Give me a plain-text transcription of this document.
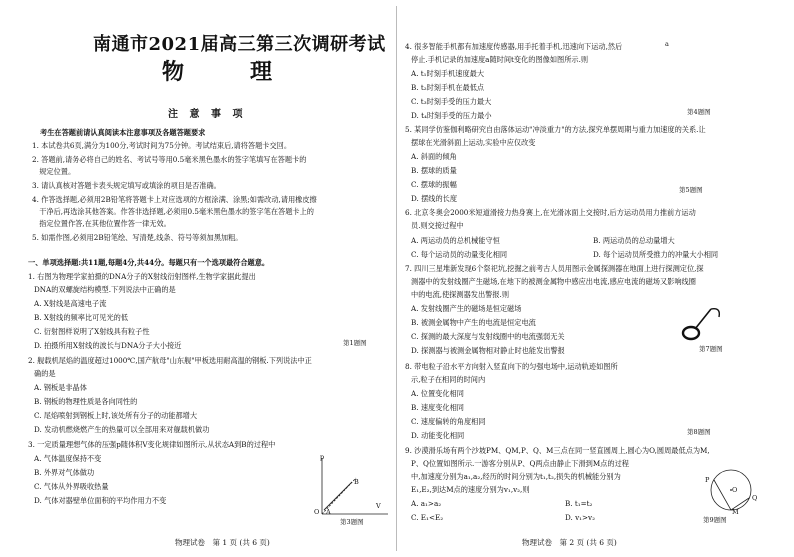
南通市2021届高三第三次调研考试
物　理
注 意 事 项
考生在答题前请认真阅读本注意事项及各题答题要求
1. 本试卷共6页,满分为100分,考试时间为75分钟。考试结束后,请将答题卡交回。
2. 答题前,请务必将自己的姓名、考试号等用0.5毫米黑色墨水的签字笔填写在答题卡的
　规定位置。
3. 请认真核对答题卡表头规定填写或填涂的项目是否准确。
4. 作答选择题,必须用2B铅笔将答题卡上对应选项的方框涂满、涂黑;如需改动,请用橡皮擦
　干净后,再选涂其他答案。作答非选择题,必须用0.5毫米黑色墨水的签字笔在答题卡上的
　指定位置作答,在其他位置作答一律无效。
5. 如需作图,必须用2B铅笔绘、写清楚,线条、符号等须加黑加粗。
一、单项选择题:共11题,每题4分,共44分。每题只有一个选项最符合题意。
1. 右图为物理学家拍摄的DNA分子的X射线衍射图样,生物学家据此提出
DNA的双螺旋结构模型.下列说法中正确的是
A. X射线是高速电子流
B. X射线的频率比可见光的低
C. 衍射图样说明了X射线具有粒子性
D. 拍摄所用X射线的波长与DNA分子大小接近	第1题图
2. 舰载机尾焰的温度超过1000℃,国产航母"山东舰"甲板选用耐高温的钢板.下列说法中正
确的是
A. 钢板是非晶体
B. 钢板的物理性质是各向同性的
C. 尾焰喷射到钢板上时,该处所有分子的动能都增大
D. 发动机燃烧燃产生的热量可以全部用来对舰载机做功
3. 一定质量理想气体的压强p随体积V变化规律如图所示,从状态A到B的过程中
A. 气体温度保持不变
B. 外界对气体做功
C. 气体从外界吸收热量
D. 气体对器壁单位面积的平均作用力不变
p
V
O A
B
第3题图
物理试卷　第 1 页 (共 6 页)
4. 很多智能手机都有加速度传感器,用手托着手机,迅速向下运动,然后	a
停止.手机记录的加速度a随时间t变化的图像如图所示.则
A. t₁时刻手机速度最大
B. t₂时刻手机在最低点
C. t₃时刻手受的压力最大
D. t₄时刻手受的压力最小	第4题图
5. 某同学仿鉴伽利略研究自由落体运动"冲淡重力"的方法,探究单摆周期与重力加速度的关系.让
摆球在光滑斜面上运动,实验中应仅改变
A. 斜面的倾角
B. 摆球的质量
C. 摆球的振幅
D. 摆线的长度
第5题图
6. 北京冬奥会2000米短道滑接力热身赛上,在光滑冰面上交接时,后方运动员用力推前方运动
员.则交接过程中
A. 两运动员的总机械能守恒	B. 两运动员的总动量增大
C. 每个运动员的动量变化相同	D. 每个运动员所受推力的冲量大小相同
7. 四川三星堆新发现6个祭祀坑,挖掘之前考古人员用图示金属探测器在地面上进行探测定位,探
测器中的发射线圈产生磁场,在地下的被测金属物中感应出电流,感应电流的磁场又影响线圈
中的电流,使探测器发出警报.则
A. 发射线圈产生的磁场是恒定磁场
B. 被测金属物中产生的电流是恒定电流
C. 探测的最大深度与发射线圈中的电流强弱无关
D. 探测器与被测金属物相对静止时也能发出警报	第7题图
8. 带电粒子沿水平方向射入竖直向下的匀强电场中,运动轨迹如图所
示,粒子在相同的时间内
A. 位置变化相同
B. 速度变化相同
C. 速度偏转的角度相同
D. 动能变化相同	第8题图
9. 沙漠滑乐场有两个沙坡PM、QM,P、Q、M三点在同一竖直圆周上,圆心为O,圆周最低点为M,
P、Q位置如图所示.一游客分别从P、Q两点由静止下滑到M点的过程
中,加速度分别为a₁,a₂,经历的时间分别为t₁,t₂,损失的机械能分别为
E₁,E₂,到达M点的速度分别为v₁,v₂,则
A. a₁>a₂	B. t₁=t₂
C. E₁<E₂	D. v₁>v₂
P
Q
O
M
第9题图
物理试卷　第 2 页 (共 6 页)
